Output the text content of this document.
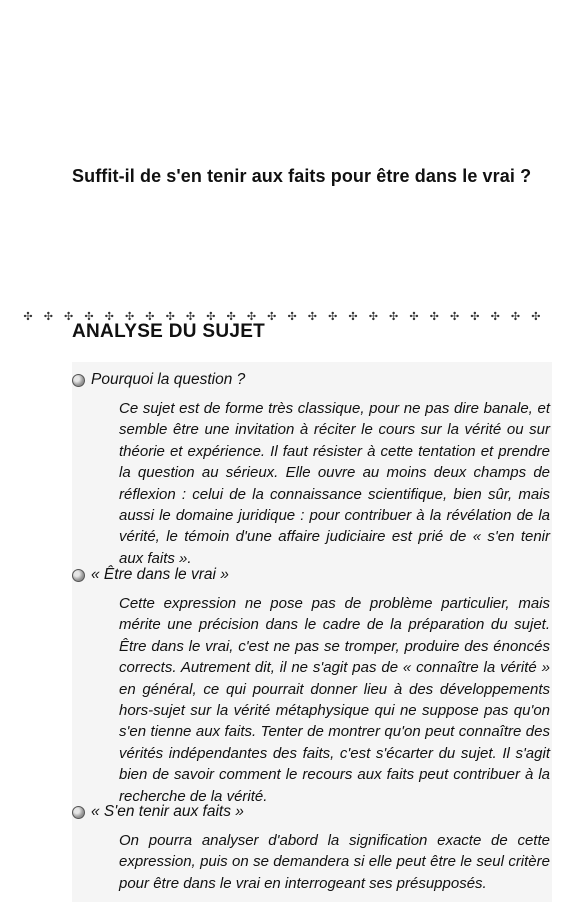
Suffit-il de s'en tenir aux faits pour être dans le vrai ?
✣ ✣ ✣ ✣ ✣ ✣ ✣ ✣ ✣ ✣ ✣ ✣ ✣ ✣ ✣ ✣ ✣ ✣ ✣ ✣ ✣ ✣ ✣ ✣ ✣ ✣
ANALYSE DU SUJET
Pourquoi la question ?
Ce sujet est de forme très classique, pour ne pas dire banale, et semble être une invitation à réciter le cours sur la vérité ou sur théorie et expérience. Il faut résister à cette tentation et prendre la question au sérieux. Elle ouvre au moins deux champs de réflexion : celui de la connaissance scientifique, bien sûr, mais aussi le domaine juridique : pour contribuer à la révélation de la vérité, le témoin d'une affaire judiciaire est prié de « s'en tenir aux faits ».
« Être dans le vrai »
Cette expression ne pose pas de problème particulier, mais mérite une précision dans le cadre de la préparation du sujet. Être dans le vrai, c'est ne pas se tromper, produire des énoncés corrects. Autrement dit, il ne s'agit pas de « connaître la vérité » en général, ce qui pourrait donner lieu à des développements hors-sujet sur la vérité métaphysique qui ne suppose pas qu'on s'en tienne aux faits. Tenter de montrer qu'on peut connaître des vérités indépendantes des faits, c'est s'écarter du sujet. Il s'agit bien de savoir comment le recours aux faits peut contribuer à la recherche de la vérité.
« S'en tenir aux faits »
On pourra analyser d'abord la signification exacte de cette expression, puis on se demandera si elle peut être le seul critère pour être dans le vrai en interrogeant ses présupposés.
